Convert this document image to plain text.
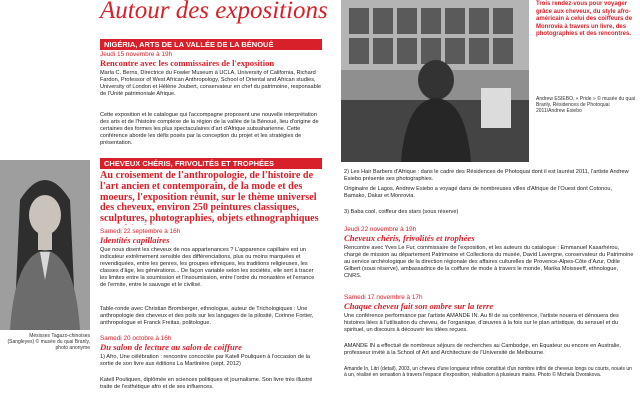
Autour des expositions
NIGÉRIA, ARTS DE LA VALLÉE DE LA BÉNOUÉ
Jeudi 15 novembre à 19h
Rencontre avec les commissaires de l'exposition
Marla C. Berns, Directrice du Fowler Museum à UCLA, University of California, Richard Fardon, Professor of West African Anthropology, School of Oriental and African studies, University of London et Hélène Joubert, conservateur en chef du patrimoine, responsable de l'Unité patrimoniale Afrique.
Cette exposition et le catalogue qui l'accompagne proposent une nouvelle interprétation des arts et de l'histoire complexe de la région de la vallée de la Bénoué, lieu d'origine de certaines des formes les plus spectaculaires d'art d'Afrique subsaharienne. Cette conférence aborde les défis posés par la conception du projet et les stratégies de présentation.
CHEVEUX CHÉRIS, FRIVOLITÉS ET TROPHÉES
Au croisement de l'anthropologie, de l'histoire de l'art ancien et contemporain, de la mode et des moeurs, l'exposition réunit, sur le thème universel des cheveux, environ 250 peintures classiques, sculptures, photographies, objets ethnographiques
Samedi 22 septembre à 16h
Identités capillaires
Que nous disent les cheveux de nos appartenances ? L'apparence capillaire est un indicateur extrêmement sensible des différenciations, plus ou moins marquées et revendiquées, entre les genres, les groupes ethniques, les traditions religieuses, les classes d'âge, les générations... De façon variable selon les sociétés, elle sert à tracer les limites entre la soumission et l'insoumission, entre l'ordre du monastère et l'errance de l'ermite, entre le sauvage et le civilisé.
Table-ronde avec Christian Bromberger, ethnologue, auteur de Trichologiques : Une anthropologie des cheveux et des poils sur les langages de la pilosité, Corinne Fortier, anthropologue et Franck Freitas, politologue.
Samedi 20 octobre à 16h
Du salon de lecture au salon de coiffure
1) Afro, Une célébration : rencontre concoctée par Katell Pouliquen à l'occasion de la sortie de son livre aux éditions La Martinière (sept. 2012)
Katell Pouliquen, diplômée en sciences politiques et journalisme. Son livre très illustré traite de l'esthétique afro et de ses influences.
Mésisses Tagazo-chinoises (Sangleyes) © musée du quai Branly, photo anonyme
Andrew ESIEBO, « Pride » © musée du quai Branly, Résidences de Photoquai 2011/Andrew Esiebo
Trois rendez-vous pour voyager grâce aux cheveux, du style afro-américain à celui des coiffeurs de Monrovia à travers un livre, des photographies et des rencontres.
2) Les Hair Barbers d'Afrique : dans le cadre des Résidences de Photoquai dont il est lauréat 2011, l'artiste Andrew Esiebo présente ses photographies.
Originaire de Lagos, Andrew Esiebo a voyagé dans de nombreuses villes d'Afrique de l'Ouest dont Cotonou, Bamako, Dakar et Monrovia.
3) Baba cool, coiffeur des stars (sous réserve)
Jeudi 22 novembre à 19h
Cheveux chéris, frivolités et trophées
Rencontre avec Yves Le Fur, commissaire de l'exposition, et les auteurs du catalogue : Emmanuel Kasarhérou, chargé de mission au département Patrimoine et Collections du musée, David Lavergne, conservateur du Patrimoine au service archéologique de la direction régionale des affaires culturelles de Provence-Alpes-Côte d'Azur, Odile Gilbert (sous réserve), ambassadrice de la coiffure de mode à travers le monde, Marika Moisseeff, ethnologue, CNRS.
Samedi 17 novembre à 17h
Chaque cheveu fait son ombre sur la terre
Une conférence performance par l'artiste AMANDE IN. Au fil de sa conférence, l'artiste nouera et dénouera des histoires liées à l'utilisation du cheveu, de l'organique, d'œuvres à la fois sur le plan artistique, du sensuel et du spirituel, un discours à découvrir les idées reçues.
AMANDE IN a effectué de nombreux séjours de recherches au Cambodge, en Équateur ou encore en Australie, professeur invité à la School of Art and Architecture de l'Université de Melbourne.
Amande In, Litri (detail), 2003, un cheveu d'une longueur infinie constitué d'un nombre infini de cheveux longs ou courts, noués un à un, réalisé en sensation à travers l'espace d'exposition, réalisation à plusieurs mains. Photo © Michela Dvorakova.
